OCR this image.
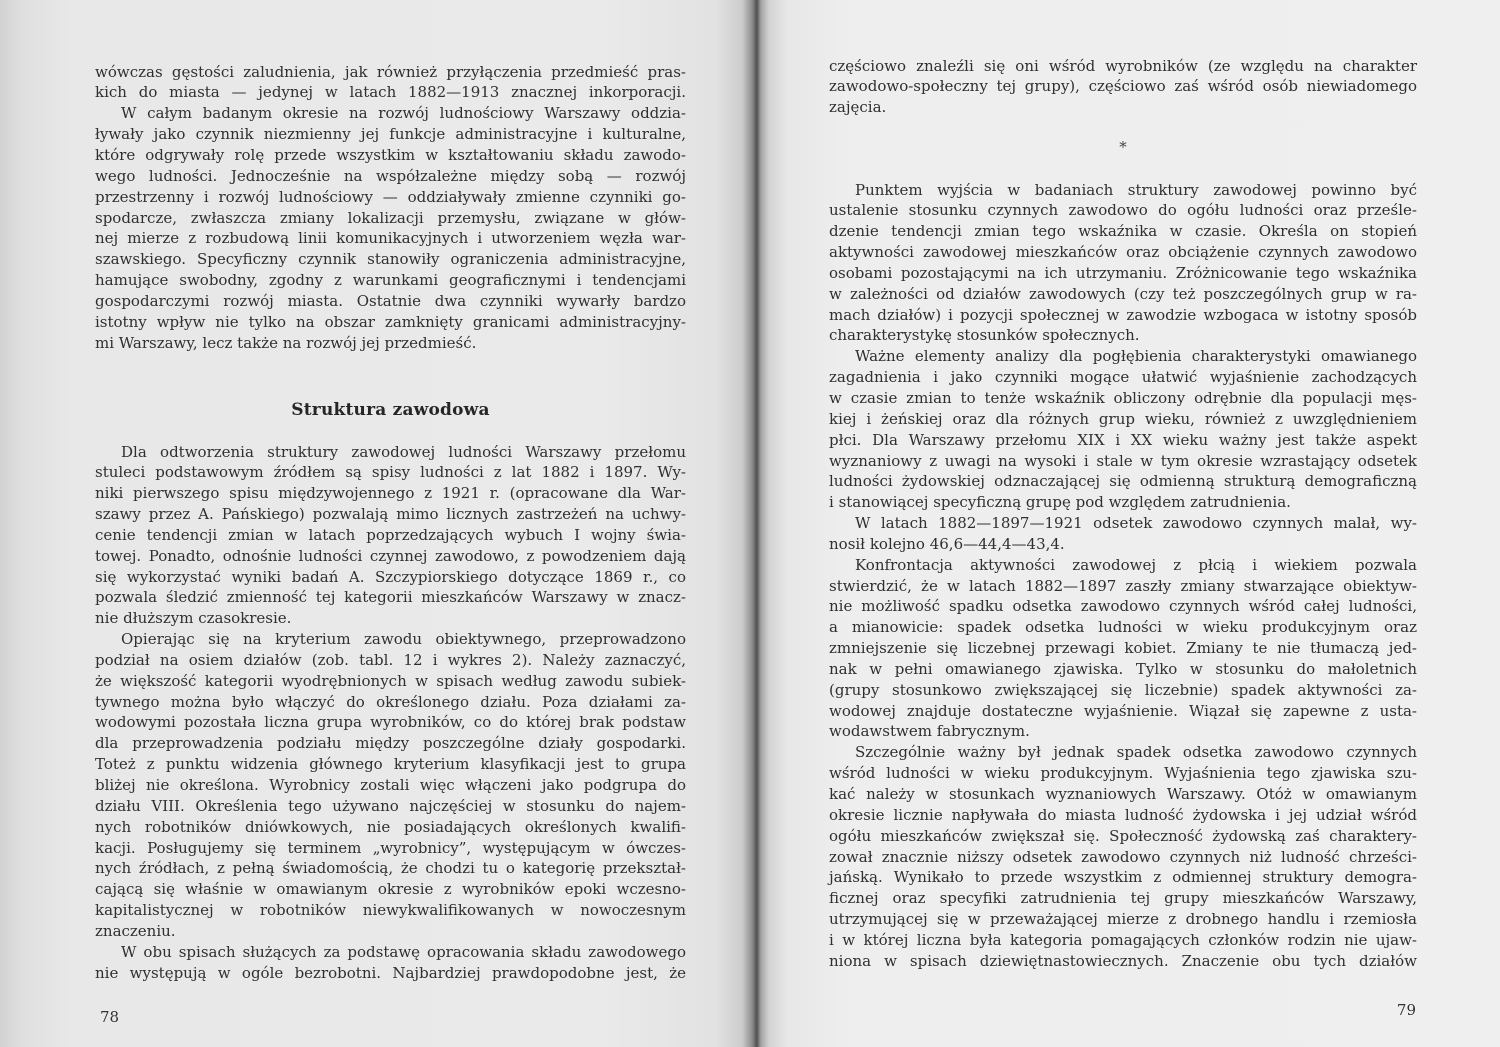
wówczas gęstości zaludnienia, jak również przyłączenia przedmieść pras-
kich do miasta — jedynej w latach 1882—1913 znacznej inkorporacji.
W całym badanym okresie na rozwój ludnościowy Warszawy oddzia-
ływały jako czynnik niezmienny jej funkcje administracyjne i kulturalne,
które odgrywały rolę przede wszystkim w kształtowaniu składu zawodo-
wego ludności. Jednocześnie na współzależne między sobą — rozwój
przestrzenny i rozwój ludnościowy — oddziaływały zmienne czynniki go-
spodarcze, zwłaszcza zmiany lokalizacji przemysłu, związane w głów-
nej mierze z rozbudową linii komunikacyjnych i utworzeniem węzła war-
szawskiego. Specyficzny czynnik stanowiły ograniczenia administracyjne,
hamujące swobodny, zgodny z warunkami geograficznymi i tendencjami
gospodarczymi rozwój miasta. Ostatnie dwa czynniki wywarły bardzo
istotny wpływ nie tylko na obszar zamknięty granicami administracyjny-
mi Warszawy, lecz także na rozwój jej przedmieść.
Struktura zawodowa
Dla odtworzenia struktury zawodowej ludności Warszawy przełomu
stuleci podstawowym źródłem są spisy ludności z lat 1882 i 1897. Wy-
niki pierwszego spisu międzywojennego z 1921 r. (opracowane dla War-
szawy przez A. Pańskiego) pozwalają mimo licznych zastrzeżeń na uchwy-
cenie tendencji zmian w latach poprzedzających wybuch I wojny świa-
towej. Ponadto, odnośnie ludności czynnej zawodowo, z powodzeniem dają
się wykorzystać wyniki badań A. Szczypiorskiego dotyczące 1869 r., co
pozwala śledzić zmienność tej kategorii mieszkańców Warszawy w znacz-
nie dłuższym czasokresie.
Opierając się na kryterium zawodu obiektywnego, przeprowadzono
podział na osiem działów (zob. tabl. 12 i wykres 2). Należy zaznaczyć,
że większość kategorii wyodrębnionych w spisach według zawodu subiek-
tywnego można było włączyć do określonego działu. Poza działami za-
wodowymi pozostała liczna grupa wyrobników, co do której brak podstaw
dla przeprowadzenia podziału między poszczególne działy gospodarki.
Toteż z punktu widzenia głównego kryterium klasyfikacji jest to grupa
bliżej nie określona. Wyrobnicy zostali więc włączeni jako podgrupa do
działu VIII. Określenia tego używano najczęściej w stosunku do najem-
nych robotników dniówkowych, nie posiadających określonych kwalifi-
kacji. Posługujemy się terminem „wyrobnicy”, występującym w ówczes-
nych źródłach, z pełną świadomością, że chodzi tu o kategorię przekształ-
cającą się właśnie w omawianym okresie z wyrobników epoki wczesno-
kapitalistycznej w robotników niewykwalifikowanych w nowoczesnym
znaczeniu.
W obu spisach służących za podstawę opracowania składu zawodowego
nie występują w ogóle bezrobotni. Najbardziej prawdopodobne jest, że
78
częściowo znaleźli się oni wśród wyrobników (ze względu na charakter
zawodowo-społeczny tej grupy), częściowo zaś wśród osób niewiadomego
zajęcia.
*
Punktem wyjścia w badaniach struktury zawodowej powinno być
ustalenie stosunku czynnych zawodowo do ogółu ludności oraz prześle-
dzenie tendencji zmian tego wskaźnika w czasie. Określa on stopień
aktywności zawodowej mieszkańców oraz obciążenie czynnych zawodowo
osobami pozostającymi na ich utrzymaniu. Zróżnicowanie tego wskaźnika
w zależności od działów zawodowych (czy też poszczególnych grup w ra-
mach działów) i pozycji społecznej w zawodzie wzbogaca w istotny sposób
charakterystykę stosunków społecznych.
Ważne elementy analizy dla pogłębienia charakterystyki omawianego
zagadnienia i jako czynniki mogące ułatwić wyjaśnienie zachodzących
w czasie zmian to tenże wskaźnik obliczony odrębnie dla populacji męs-
kiej i żeńskiej oraz dla różnych grup wieku, również z uwzględnieniem
płci. Dla Warszawy przełomu XIX i XX wieku ważny jest także aspekt
wyznaniowy z uwagi na wysoki i stale w tym okresie wzrastający odsetek
ludności żydowskiej odznaczającej się odmienną strukturą demograficzną
i stanowiącej specyficzną grupę pod względem zatrudnienia.
W latach 1882—1897—1921 odsetek zawodowo czynnych malał, wy-
nosił kolejno 46,6—44,4—43,4.
Konfrontacja aktywności zawodowej z płcią i wiekiem pozwala
stwierdzić, że w latach 1882—1897 zaszły zmiany stwarzające obiektyw-
nie możliwość spadku odsetka zawodowo czynnych wśród całej ludności,
a mianowicie: spadek odsetka ludności w wieku produkcyjnym oraz
zmniejszenie się liczebnej przewagi kobiet. Zmiany te nie tłumaczą jed-
nak w pełni omawianego zjawiska. Tylko w stosunku do małoletnich
(grupy stosunkowo zwiększającej się liczebnie) spadek aktywności za-
wodowej znajduje dostateczne wyjaśnienie. Wiązał się zapewne z usta-
wodawstwem fabrycznym.
Szczególnie ważny był jednak spadek odsetka zawodowo czynnych
wśród ludności w wieku produkcyjnym. Wyjaśnienia tego zjawiska szu-
kać należy w stosunkach wyznaniowych Warszawy. Otóż w omawianym
okresie licznie napływała do miasta ludność żydowska i jej udział wśród
ogółu mieszkańców zwiększał się. Społeczność żydowską zaś charaktery-
zował znacznie niższy odsetek zawodowo czynnych niż ludność chrześci-
jańską. Wynikało to przede wszystkim z odmiennej struktury demogra-
ficznej oraz specyfiki zatrudnienia tej grupy mieszkańców Warszawy,
utrzymującej się w przeważającej mierze z drobnego handlu i rzemiosła
i w której liczna była kategoria pomagających członków rodzin nie ujaw-
niona w spisach dziewiętnastowiecznych. Znaczenie obu tych działów
79
